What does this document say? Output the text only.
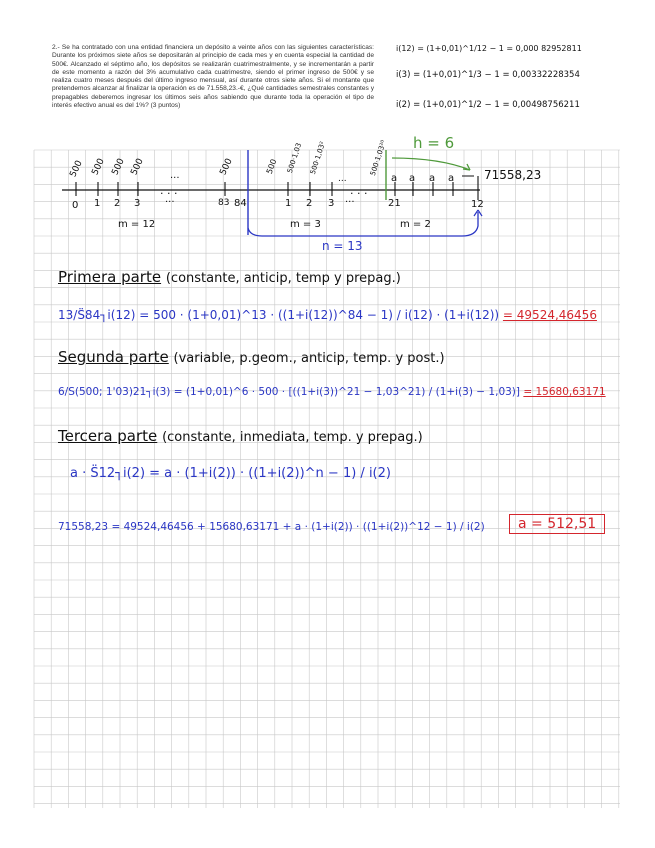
2.- Se ha contratado con una entidad financiera un depósito a veinte años con las siguientes características: Durante los próximos siete años se depositarán al principio de cada mes y en cuenta especial la cantidad de 500€. Alcanzado el séptimo año, los depósitos se realizarán cuatrimestralmente, y se incrementarán a partir de este momento a razón del 3% acumulativo cada cuatrimestre, siendo el primer ingreso de 500€ y se realiza cuatro meses después del último ingreso mensual, así durante otros siete años. Si el montante que pretendemos alcanzar al finalizar la operación es de 71.558,23.-€, ¿Qué cantidades semestrales constantes y prepagables deberemos ingresar los últimos seis años sabiendo que durante toda la operación el tipo de interés efectivo anual es del 1%? (3 puntos)
i(12) = (1+0,01)^1/12 − 1 = 0,000 82952811
i(3) = (1+0,01)^1/3 − 1 = 0,00332228354
i(2) = (1+0,01)^1/2 − 1 = 0,00498756211
. . .	. . .
h = 6
500 500 500 500 ...	500	500 500·1,03 500·1,03²
...
500·1,03²⁰
a a a a 71558,23
0 1 2 3 ...	83 84	1 2 3 ...	21	12
m = 12	m = 3	m = 2
n = 13
Primera parte (constante, anticip, temp y prepag.)
13/S̈84┐i(12) = 500 · (1+0,01)^13 · ((1+i(12))^84 − 1) / i(12) · (1+i(12)) = 49524,46456
Segunda parte (variable, p.geom., anticip, temp. y post.)
6/S(500; 1'03)21┐i(3) = (1+0,01)^6 · 500 · [((1+i(3))^21 − 1,03^21) / (1+i(3) − 1,03)] = 15680,63171
Tercera parte (constante, inmediata, temp. y prepag.)
a · S̈12┐i(2) = a · (1+i(2)) · ((1+i(2))^n − 1) / i(2)
71558,23 = 49524,46456 + 15680,63171 + a · (1+i(2)) · ((1+i(2))^12 − 1) / i(2)	a = 512,51
